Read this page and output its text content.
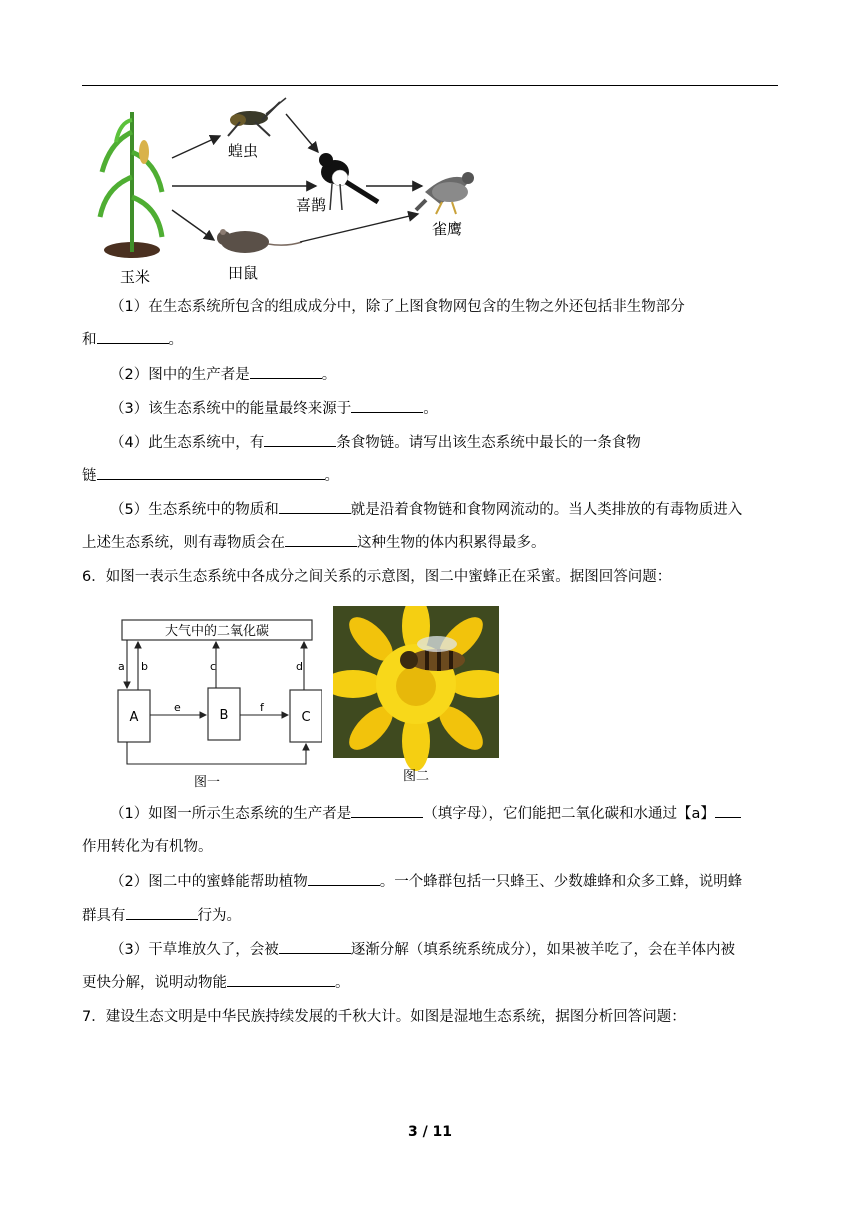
玉米
蝗虫
喜鹊
田鼠
雀鹰
（1）在生态系统所包含的组成成分中，除了上图食物网包含的生物之外还包括非生物部分
和	。
（2）图中的生产者是	。
（3）该生态系统中的能量最终来源于	。
（4）此生态系统中，有	条食物链。请写出该生态系统中最长的一条食物
链	。
（5）生态系统中的物质和	就是沿着食物链和食物网流动的。当人类排放的有毒物质进入
上述生态系统，则有毒物质会在	这种生物的体内积累得最多。
6．如图一表示生态系统中各成分之间关系的示意图，图二中蜜蜂正在采蜜。据图回答问题：
大气中的二氧化碳
A	B	C
a b	c	d
e	f
图一	图二
（1）如图一所示生态系统的生产者是	（填字母），它们能把二氧化碳和水通过【a】
作用转化为有机物。
（2）图二中的蜜蜂能帮助植物	。一个蜂群包括一只蜂王、少数雄蜂和众多工蜂，说明蜂
群具有	行为。
（3）干草堆放久了，会被	逐渐分解（填系统系统成分），如果被羊吃了，会在羊体内被
更快分解，说明动物能	。
7．建设生态文明是中华民族持续发展的千秋大计。如图是湿地生态系统，据图分析回答问题：
3 / 11
